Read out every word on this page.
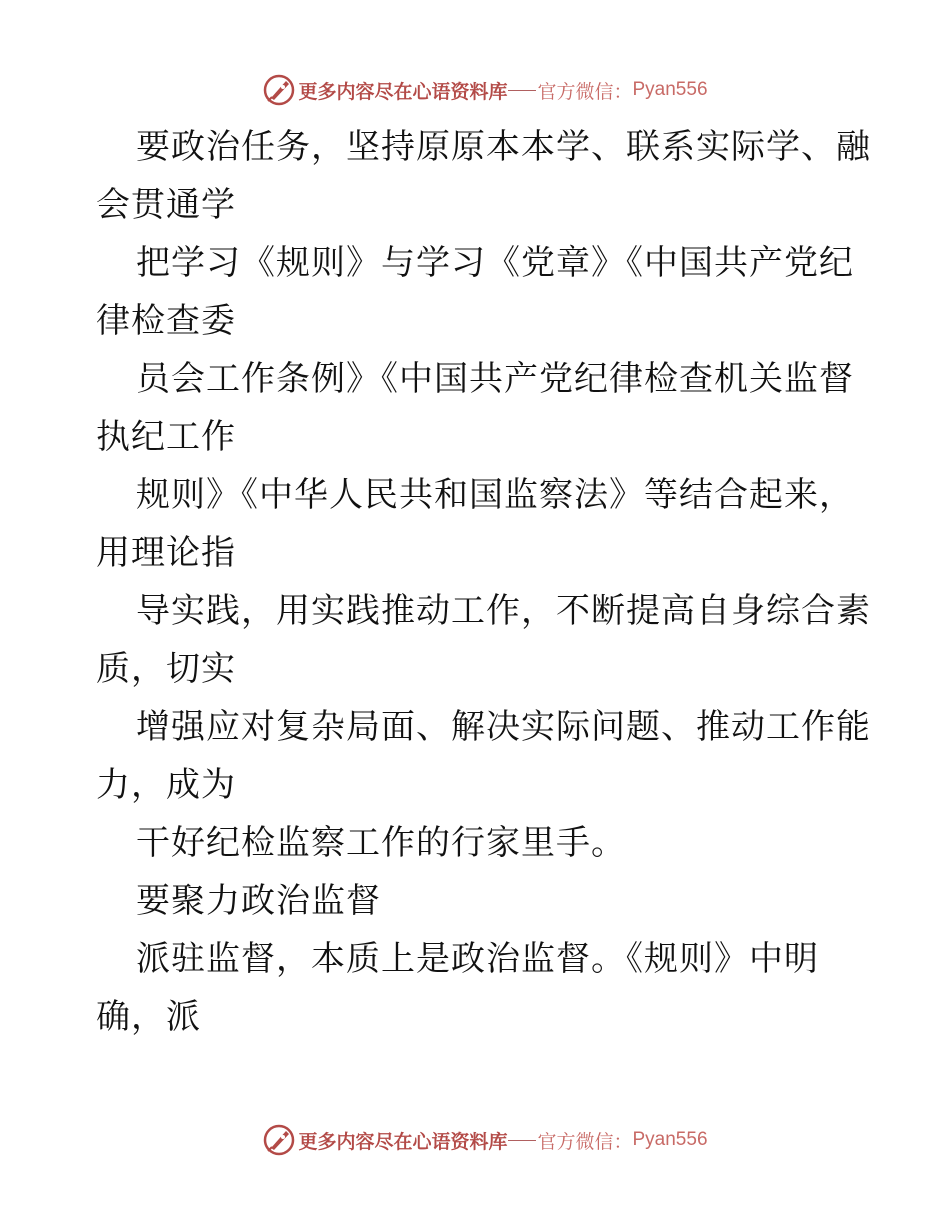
更多内容尽在心语资料库 官方微信： Pyan556
要政治任务，坚持原原本本学、联系实际学、融
会贯通学
把学习《规则》与学习《党章》《中国共产党纪
律检查委
员会工作条例》《中国共产党纪律检查机关监督
执纪工作
规则》《中华人民共和国监察法》等结合起来，
用理论指
导实践，用实践推动工作，不断提高自身综合素
质，切实
增强应对复杂局面、解决实际问题、推动工作能
力，成为
干好纪检监察工作的行家里手。
要聚力政治监督
派驻监督，本质上是政治监督。《规则》中明
确，派
更多内容尽在心语资料库 官方微信： Pyan556
